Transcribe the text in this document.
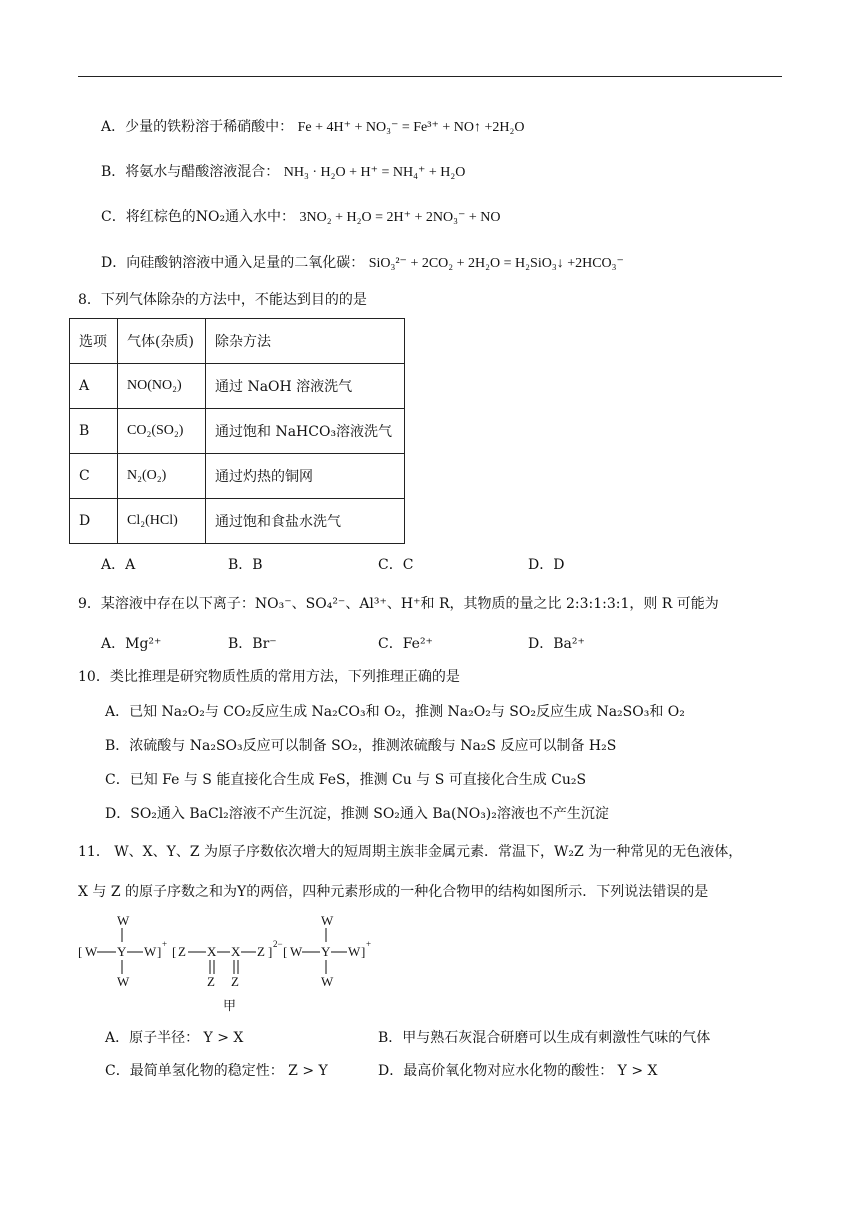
A．少量的铁粉溶于稀硝酸中： Fe + 4H⁺ + NO₃⁻ = Fe³⁺ + NO↑ +2H₂O
B．将氨水与醋酸溶液混合： NH₃ · H₂O + H⁺ = NH₄⁺ + H₂O
C．将红棕色的NO₂通入水中： 3NO₂ + H₂O = 2H⁺ + 2NO₃⁻ + NO
D．向硅酸钠溶液中通入足量的二氧化碳： SiO₃²⁻ + 2CO₂ + 2H₂O = H₂SiO₃↓ +2HCO₃⁻
8．下列气体除杂的方法中，不能达到目的的是
选项	气体(杂质)	除杂方法
A	NO(NO₂)	通过 NaOH 溶液洗气
B	CO₂(SO₂)	通过饱和 NaHCO₃溶液洗气
C	N₂(O₂)	通过灼热的铜网
D	Cl₂(HCl)	通过饱和食盐水洗气
A．A	B．B	C．C	D．D
9．某溶液中存在以下离子：NO₃⁻、SO₄²⁻、Al³⁺、H⁺和 R，其物质的量之比 2:3:1:3:1，则 R 可能为
A．Mg²⁺	B．Br⁻	C．Fe²⁺	D．Ba²⁺
10．类比推理是研究物质性质的常用方法，下列推理正确的是
A．已知 Na₂O₂与 CO₂反应生成 Na₂CO₃和 O₂，推测 Na₂O₂与 SO₂反应生成 Na₂SO₃和 O₂
B．浓硫酸与 Na₂SO₃反应可以制备 SO₂，推测浓硫酸与 Na₂S 反应可以制备 H₂S
C．已知 Fe 与 S 能直接化合生成 FeS，推测 Cu 与 S 可直接化合生成 Cu₂S
D．SO₂通入 BaCl₂溶液不产生沉淀，推测 SO₂通入 Ba(NO₃)₂溶液也不产生沉淀
11． W、X、Y、Z 为原子序数依次增大的短周期主族非金属元素．常温下，W₂Z 为一种常见的无色液体，
X 与 Z 的原子序数之和为Y的两倍，四种元素形成的一种化合物甲的结构如图所示．下列说法错误的是
[ W Y
W
W
W ] + [ Z X X Z ] 2−
Z Z
甲
[ W Y
W
W
W ] +
A．原子半径： Y > X	B．甲与熟石灰混合研磨可以生成有刺激性气味的气体
C．最简单氢化物的稳定性： Z > Y	D．最高价氧化物对应水化物的酸性： Y > X
